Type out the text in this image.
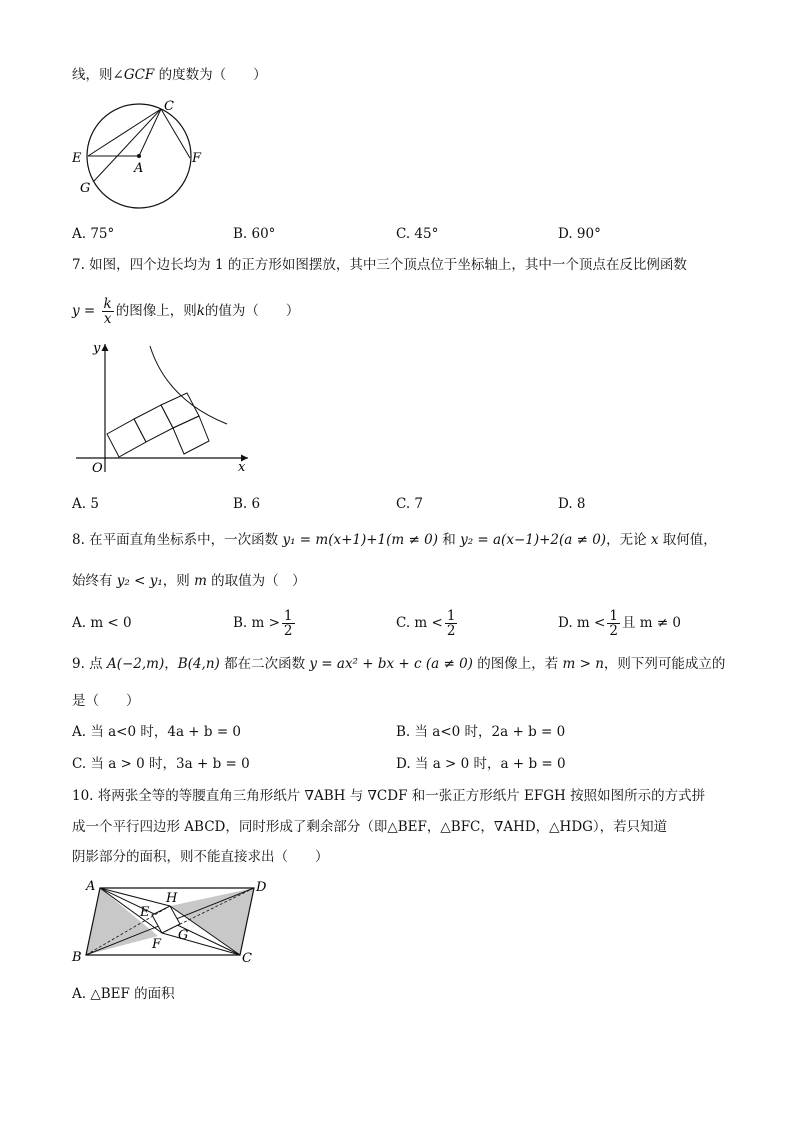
线，则∠GCF 的度数为（　　）
C
E	F
A
G
A. 75°	B. 60°	C. 45°	D. 90°
7. 如图，四个边长均为 1 的正方形如图摆放，其中三个顶点位于坐标轴上，其中一个顶点在反比例函数
$y = \frac{k}{x}$ 的图像上，则k的值为（　　）
y
x
O
A. 5	B. 6	C. 7	D. 8
8. 在平面直角坐标系中，一次函数 y₁ = m(x+1)+1(m ≠ 0) 和 y₂ = a(x−1)+2(a ≠ 0)，无论 x 取何值，
始终有 y₂ < y₁，则 m 的取值为（　）
A. m < 0	B. $m > \frac{1}{2}$	C. $m < \frac{1}{2}$	D. $m < \frac{1}{2}$ 且 m ≠ 0
9. 点 A(−2,m)，B(4,n) 都在二次函数 y = ax² + bx + c (a ≠ 0) 的图像上，若 m > n，则下列可能成立的
是（　　）
A. 当 a<0 时，4a + b = 0	B. 当 a<0 时，2a + b = 0
C. 当 a > 0 时，3a + b = 0	D. 当 a > 0 时，a + b = 0
10. 将两张全等的等腰直角三角形纸片 ∇ABH 与 ∇CDF 和一张正方形纸片 EFGH 按照如图所示的方式拼
成一个平行四边形 ABCD，同时形成了剩余部分（即△BEF，△BFC，∇AHD，△HDG），若只知道
阴影部分的面积，则不能直接求出（　　）
A	D
H
E
G
F
B	C
A. △BEF 的面积
